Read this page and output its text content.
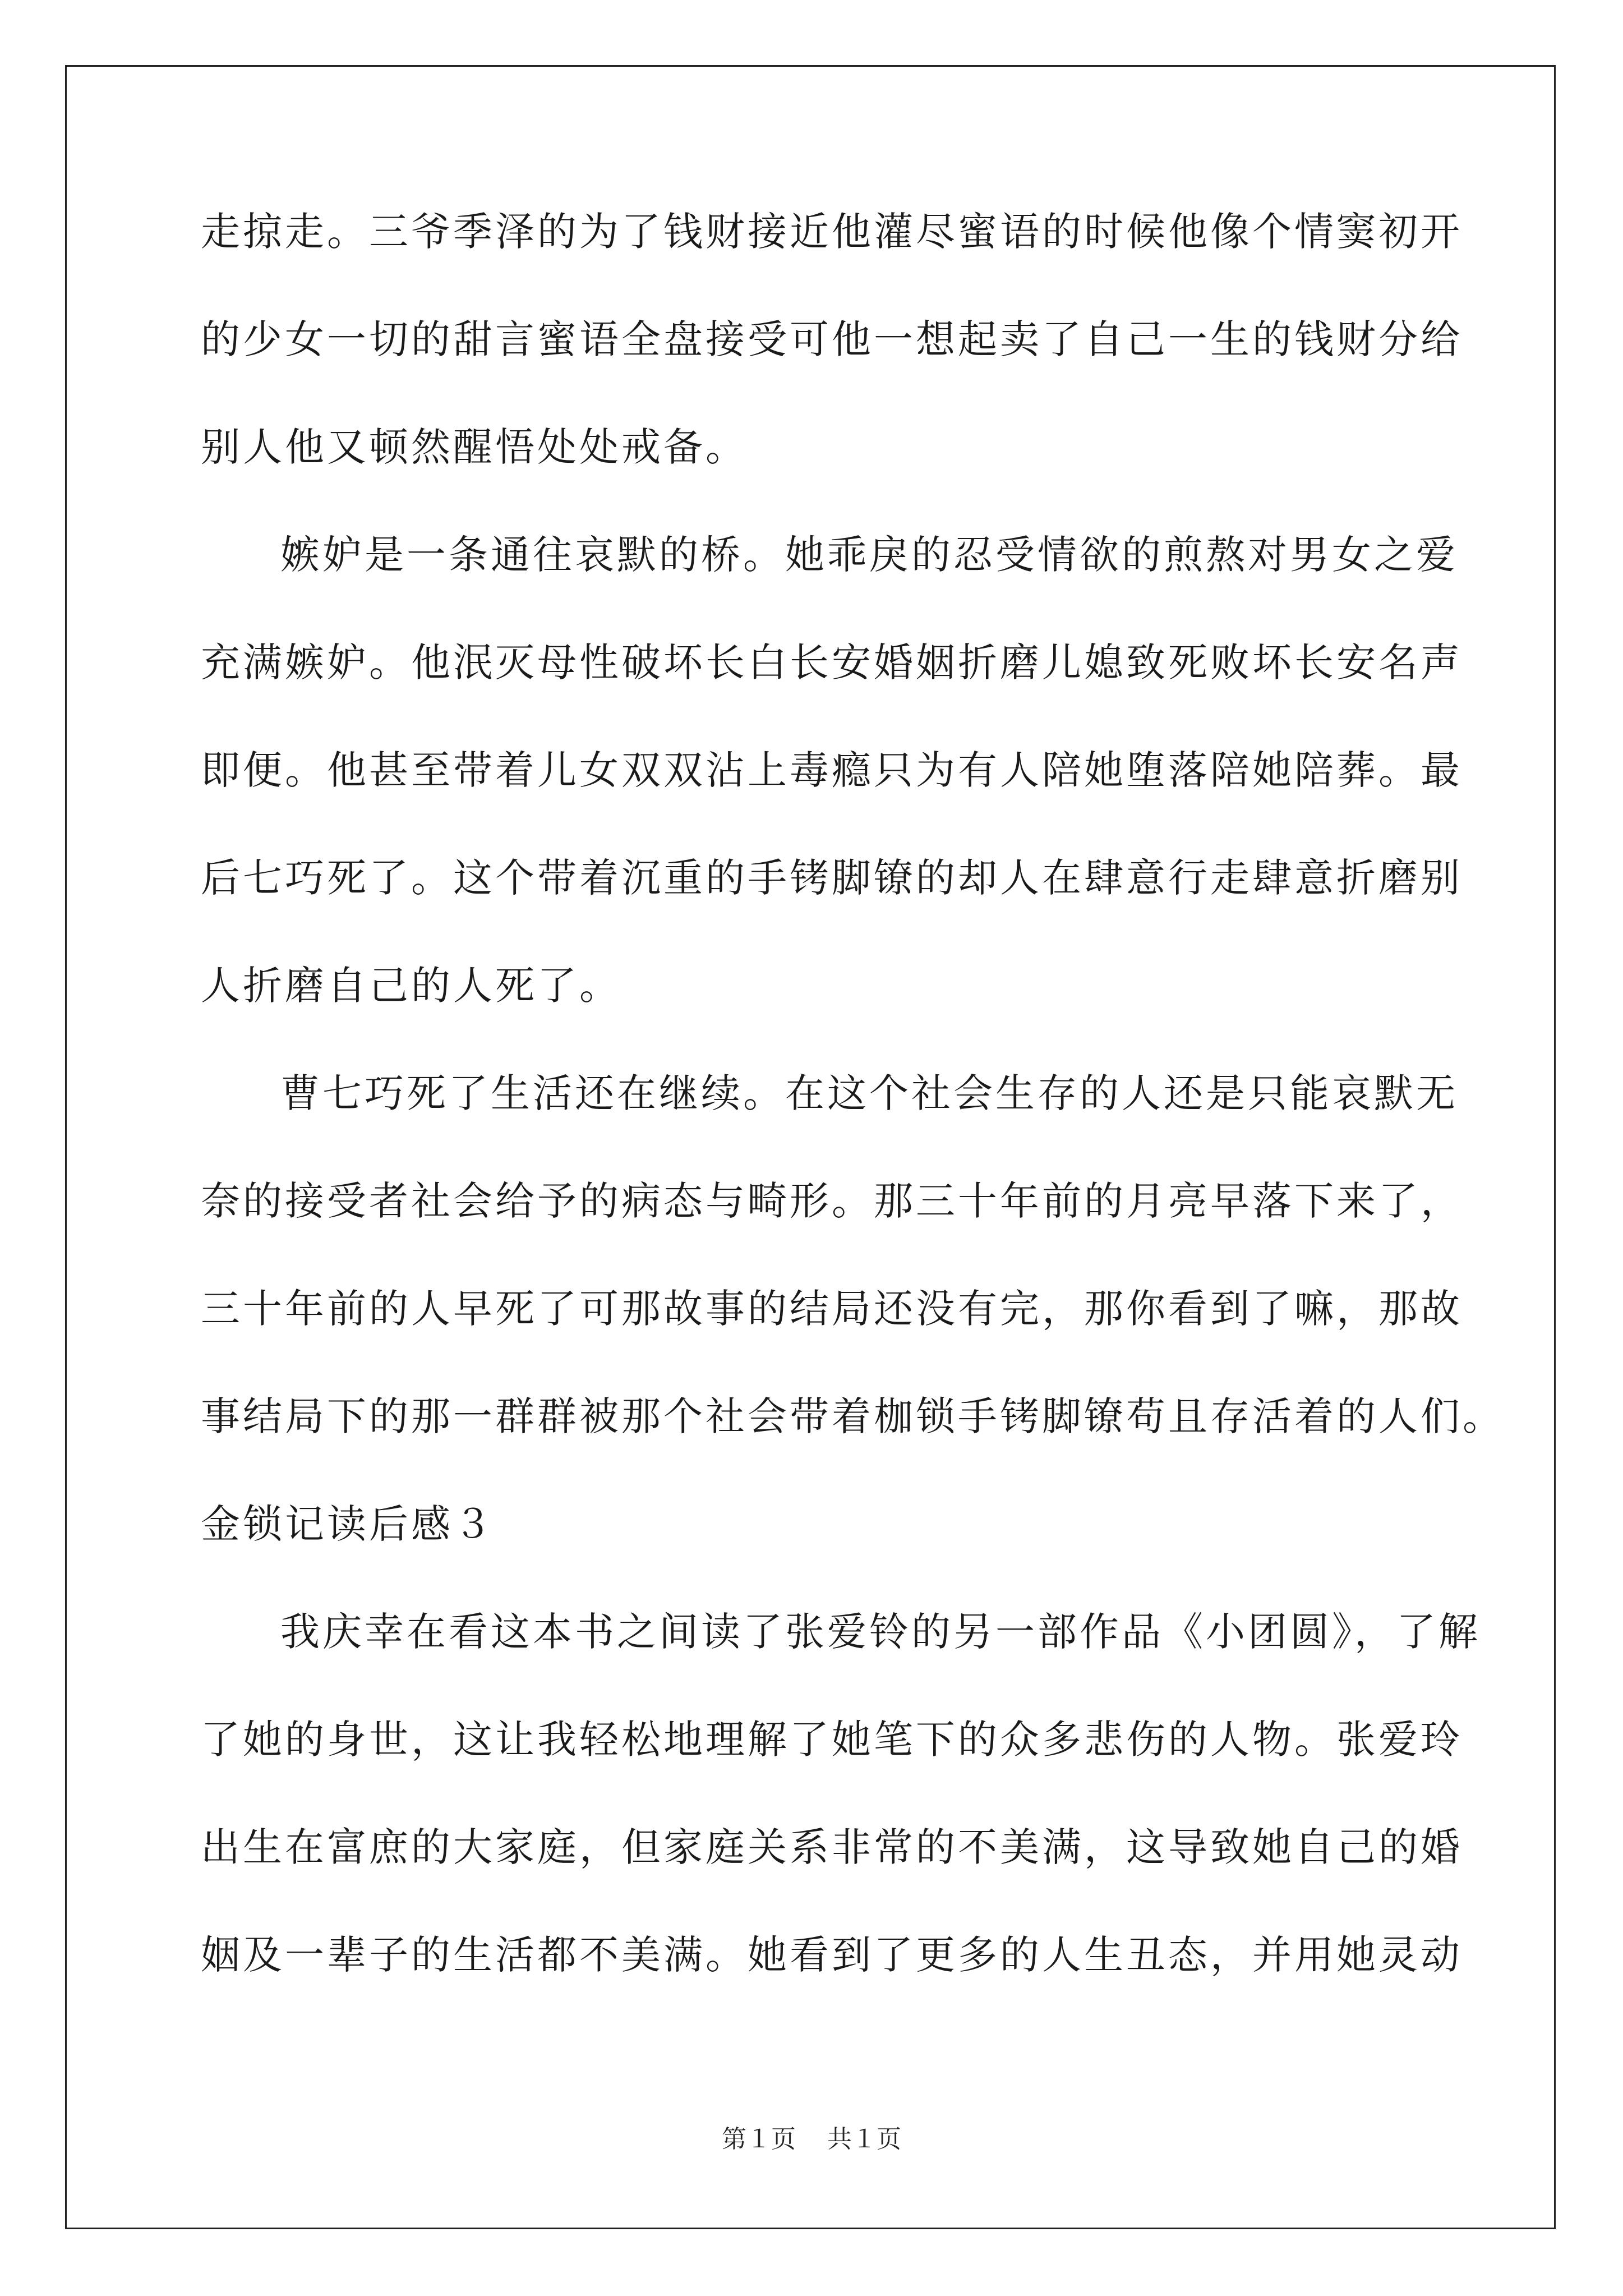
走掠走。三爷季泽的为了钱财接近他灌尽蜜语的时候他像个情窦初开
的少女一切的甜言蜜语全盘接受可他一想起卖了自己一生的钱财分给
别人他又顿然醒悟处处戒备。
嫉妒是一条通往哀默的桥。她乖戾的忍受情欲的煎熬对男女之爱
充满嫉妒。他泯灭母性破坏长白长安婚姻折磨儿媳致死败坏长安名声
即便。他甚至带着儿女双双沾上毒瘾只为有人陪她堕落陪她陪葬。最
后七巧死了。这个带着沉重的手铐脚镣的却人在肆意行走肆意折磨别
人折磨自己的人死了。
曹七巧死了生活还在继续。在这个社会生存的人还是只能哀默无
奈的接受者社会给予的病态与畸形。那三十年前的月亮早落下来了，
三十年前的人早死了可那故事的结局还没有完，那你看到了嘛，那故
事结局下的那一群群被那个社会带着枷锁手铐脚镣苟且存活着的人们。
金锁记读后感３
我庆幸在看这本书之间读了张爱铃的另一部作品《小团圆》，了解
了她的身世，这让我轻松地理解了她笔下的众多悲伤的人物。张爱玲
出生在富庶的大家庭，但家庭关系非常的不美满，这导致她自己的婚
姻及一辈子的生活都不美满。她看到了更多的人生丑态，并用她灵动
第１页 共１页
